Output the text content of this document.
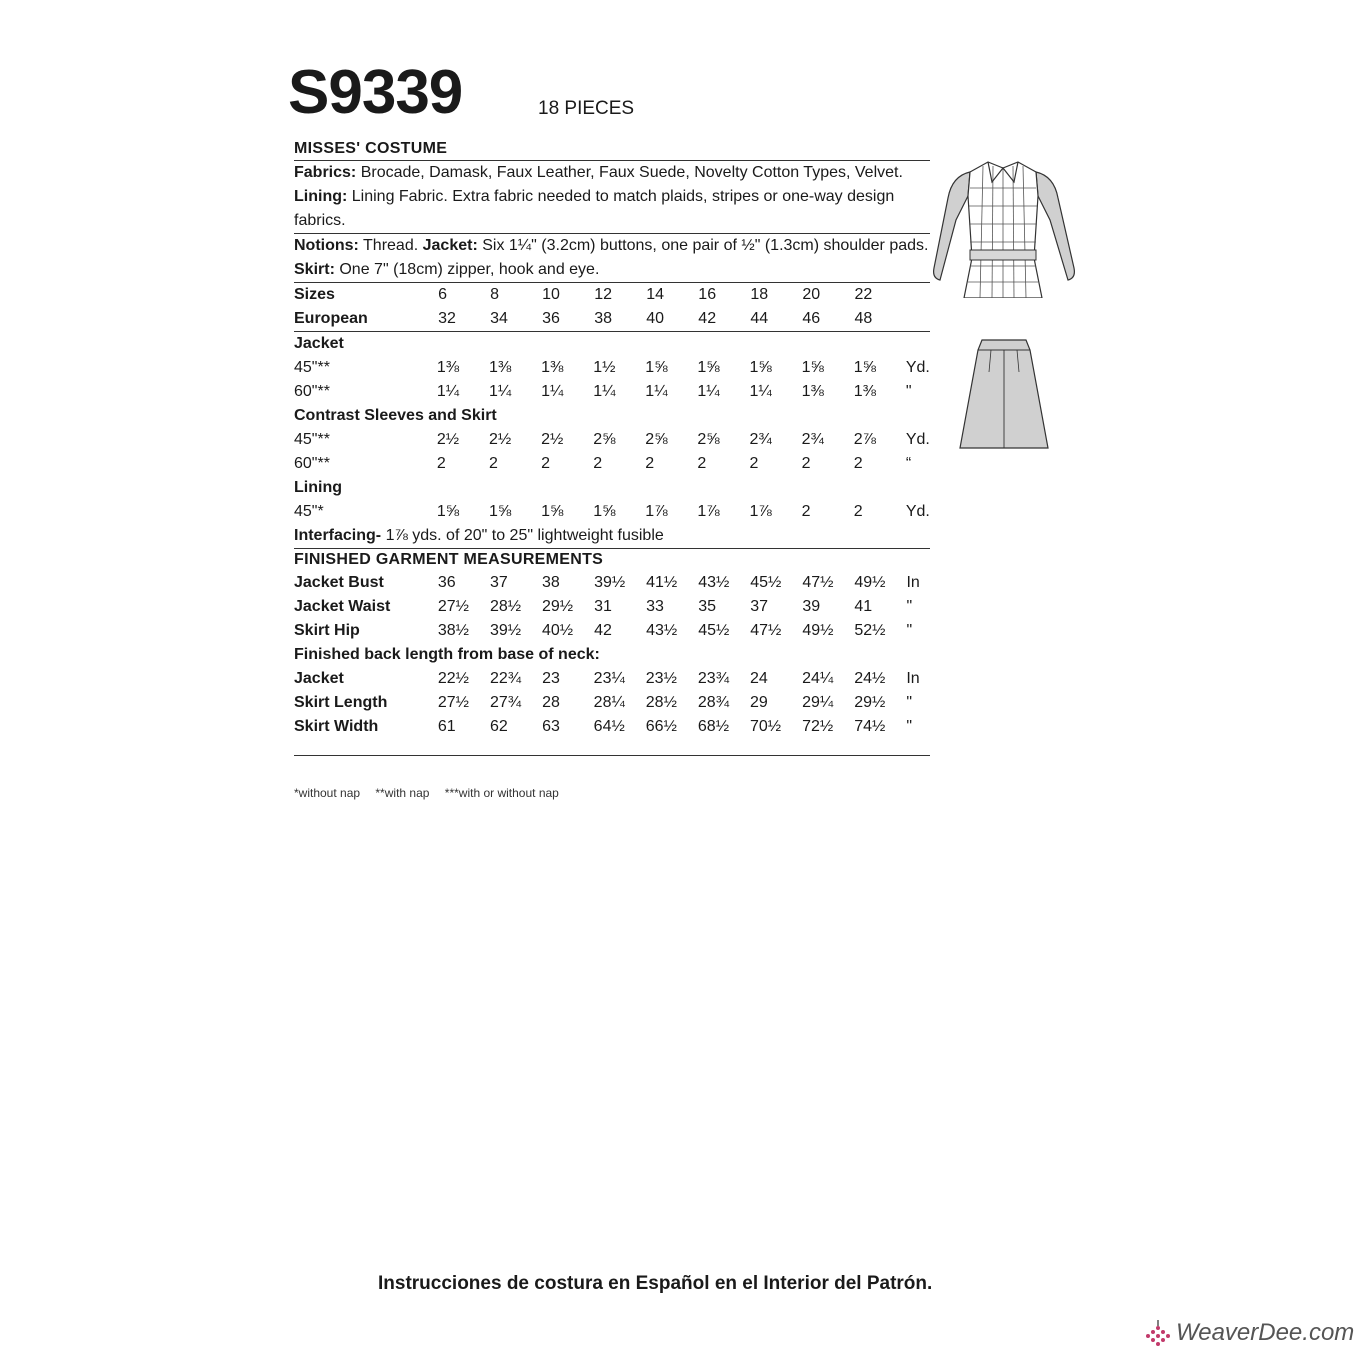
S9339	18 PIECES
MISSES' COSTUME
Fabrics: Brocade, Damask, Faux Leather, Faux Suede, Novelty Cotton Types, Velvet.
Lining: Lining Fabric. Extra fabric needed to match plaids, stripes or one-way design fabrics.
Notions: Thread. Jacket: Six 1¼" (3.2cm) buttons, one pair of ½" (1.3cm) shoulder pads.
Skirt: One 7" (18cm) zipper, hook and eye.
Sizes	6	8	10	12	14	16	18	20	22	
European	32	34	36	38	40	42	44	46	48	
Jacket										
45"**	1⅜	1⅜	1⅜	1½	1⅝	1⅝	1⅝	1⅝	1⅝	Yd.
60"**	1¼	1¼	1¼	1¼	1¼	1¼	1¼	1⅜	1⅜	"
Contrast Sleeves and Skirt										
45"**	2½	2½	2½	2⅝	2⅝	2⅝	2¾	2¾	2⅞	Yd.
60"**	2	2	2	2	2	2	2	2	2	“
Lining										
45"*	1⅝	1⅝	1⅝	1⅝	1⅞	1⅞	1⅞	2	2	Yd.
Interfacing- 1⅞ yds. of 20" to 25" lightweight fusible
FINISHED GARMENT MEASUREMENTS
Jacket Bust	36	37	38	39½	41½	43½	45½	47½	49½	In
Jacket Waist	27½	28½	29½	31	33	35	37	39	41	"
Skirt Hip	38½	39½	40½	42	43½	45½	47½	49½	52½	"
Finished back length from base of neck:
Jacket	22½	22¾	23	23¼	23½	23¾	24	24¼	24½	In
Skirt Length	27½	27¾	28	28¼	28½	28¾	29	29¼	29½	"
Skirt Width	61	62	63	64½	66½	68½	70½	72½	74½	"
*without nap **with nap ***with or without nap
Instrucciones de costura en Español en el Interior del Patrón.
WeaverDee.com
